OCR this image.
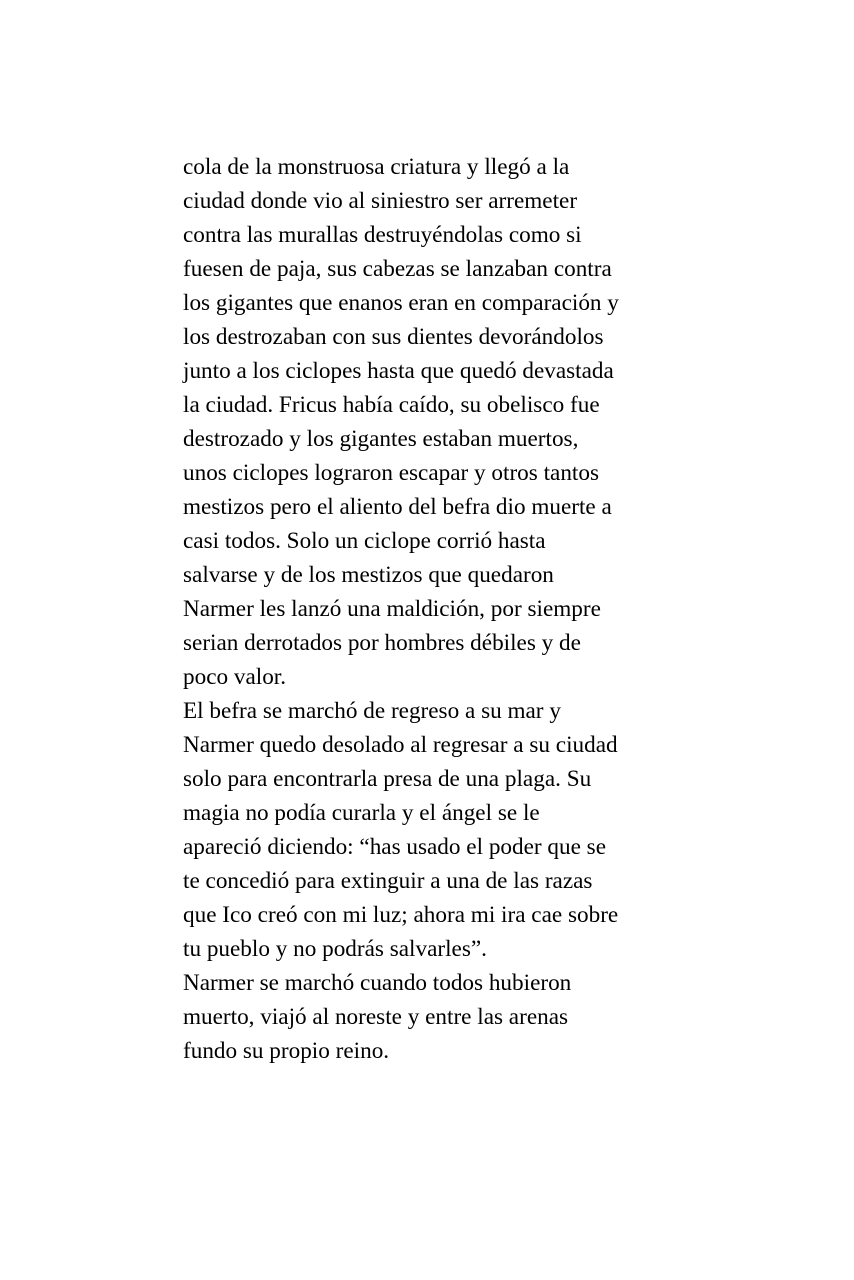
cola de la monstruosa criatura y llegó a la
ciudad donde vio al siniestro ser arremeter
contra las murallas destruyéndolas como si
fuesen de paja, sus cabezas se lanzaban contra
los gigantes que enanos eran en comparación y
los destrozaban con sus dientes devorándolos
junto a los ciclopes hasta que quedó devastada
la ciudad. Fricus había caído, su obelisco fue
destrozado y los gigantes estaban muertos,
unos ciclopes lograron escapar y otros tantos
mestizos pero el aliento del befra dio muerte a
casi todos. Solo un ciclope corrió hasta
salvarse y de los mestizos que quedaron
Narmer les lanzó una maldición, por siempre
serian derrotados por hombres débiles y de
poco valor.
El befra se marchó de regreso a su mar y
Narmer quedo desolado al regresar a su ciudad
solo para encontrarla presa de una plaga. Su
magia no podía curarla y el ángel se le
apareció diciendo: “has usado el poder que se
te concedió para extinguir a una de las razas
que Ico creó con mi luz; ahora mi ira cae sobre
tu pueblo y no podrás salvarles”.
Narmer se marchó cuando todos hubieron
muerto, viajó al noreste y entre las arenas
fundo su propio reino.
